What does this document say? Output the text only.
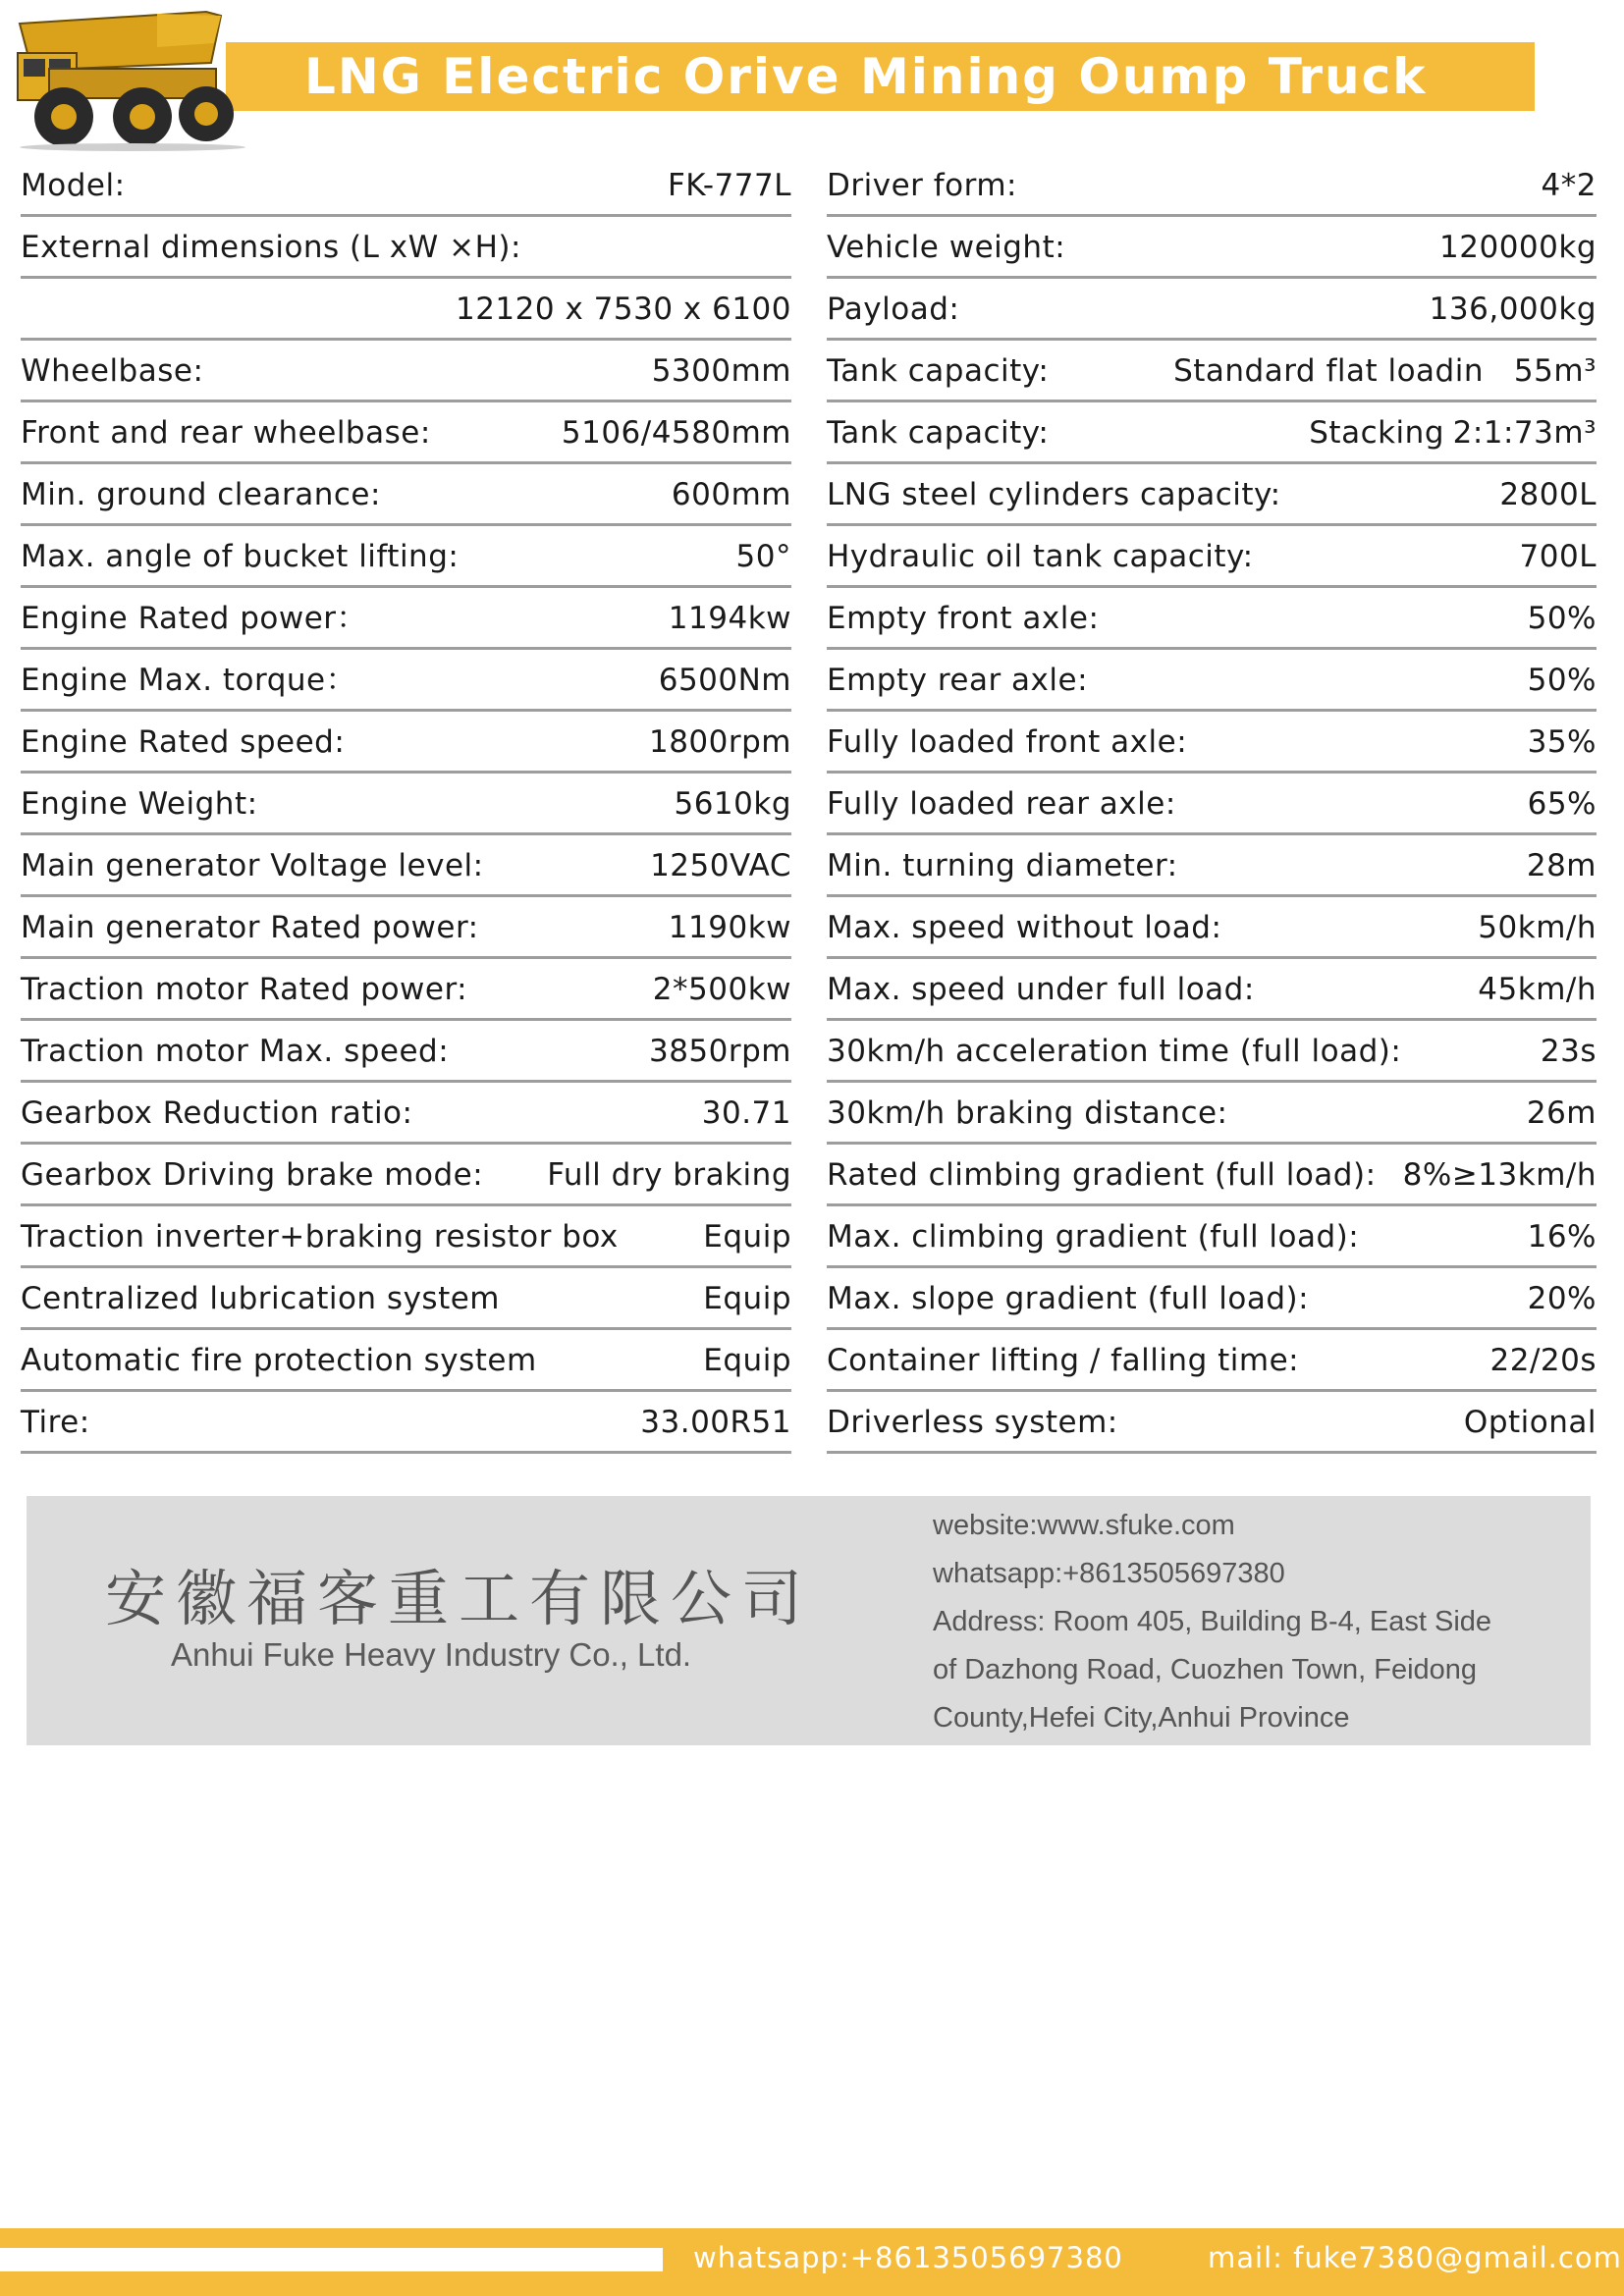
LNG Electric Orive Mining Oump Truck
Model:	FK-777L
External dimensions (L xW ×H):
12120 x 7530 x 6100
Wheelbase:	5300mm
Front and rear wheelbase:	5106/4580mm
Min. ground clearance:	600mm
Max. angle of bucket lifting:	50°
Engine Rated power：	1194kw
Engine Max. torque：	6500Nm
Engine Rated speed:	1800rpm
Engine Weight:	5610kg
Main generator Voltage level:	1250VAC
Main generator Rated power:	1190kw
Traction motor Rated power:	2*500kw
Traction motor Max. speed:	3850rpm
Gearbox Reduction ratio:	30.71
Gearbox Driving brake mode: Full dry braking
Traction inverter+braking resistor box	Equip
Centralized lubrication system	Equip
Automatic fire protection system	Equip
Tire:	33.00R51
Driver form:	4*2
Vehicle weight:	120000kg
Payload:	136,000kg
Tank capacity:	Standard flat loadin 55m³
Tank capacity:	Stacking 2:1:73m³
LNG steel cylinders capacity:	2800L
Hydraulic oil tank capacity:	700L
Empty front axle:	50%
Empty rear axle:	50%
Fully loaded front axle:	35%
Fully loaded rear axle:	65%
Min. turning diameter:	28m
Max. speed without load:	50km/h
Max. speed under full load:	45km/h
30km/h acceleration time (full load):	23s
30km/h braking distance:	26m
Rated climbing gradient (full load): 8%≥13km/h
Max. climbing gradient (full load):	16%
Max. slope gradient (full load):	20%
Container lifting / falling time:	22/20s
Driverless system:	Optional
安徽福客重工有限公司
Anhui Fuke Heavy Industry Co., Ltd.
website:www.sfuke.com
whatsapp:+8613505697380
Address: Room 405, Building B-4, East Side
of Dazhong Road, Cuozhen Town, Feidong
County,Hefei City,Anhui Province
whatsapp:+8613505697380	mail: fuke7380@gmail.com
